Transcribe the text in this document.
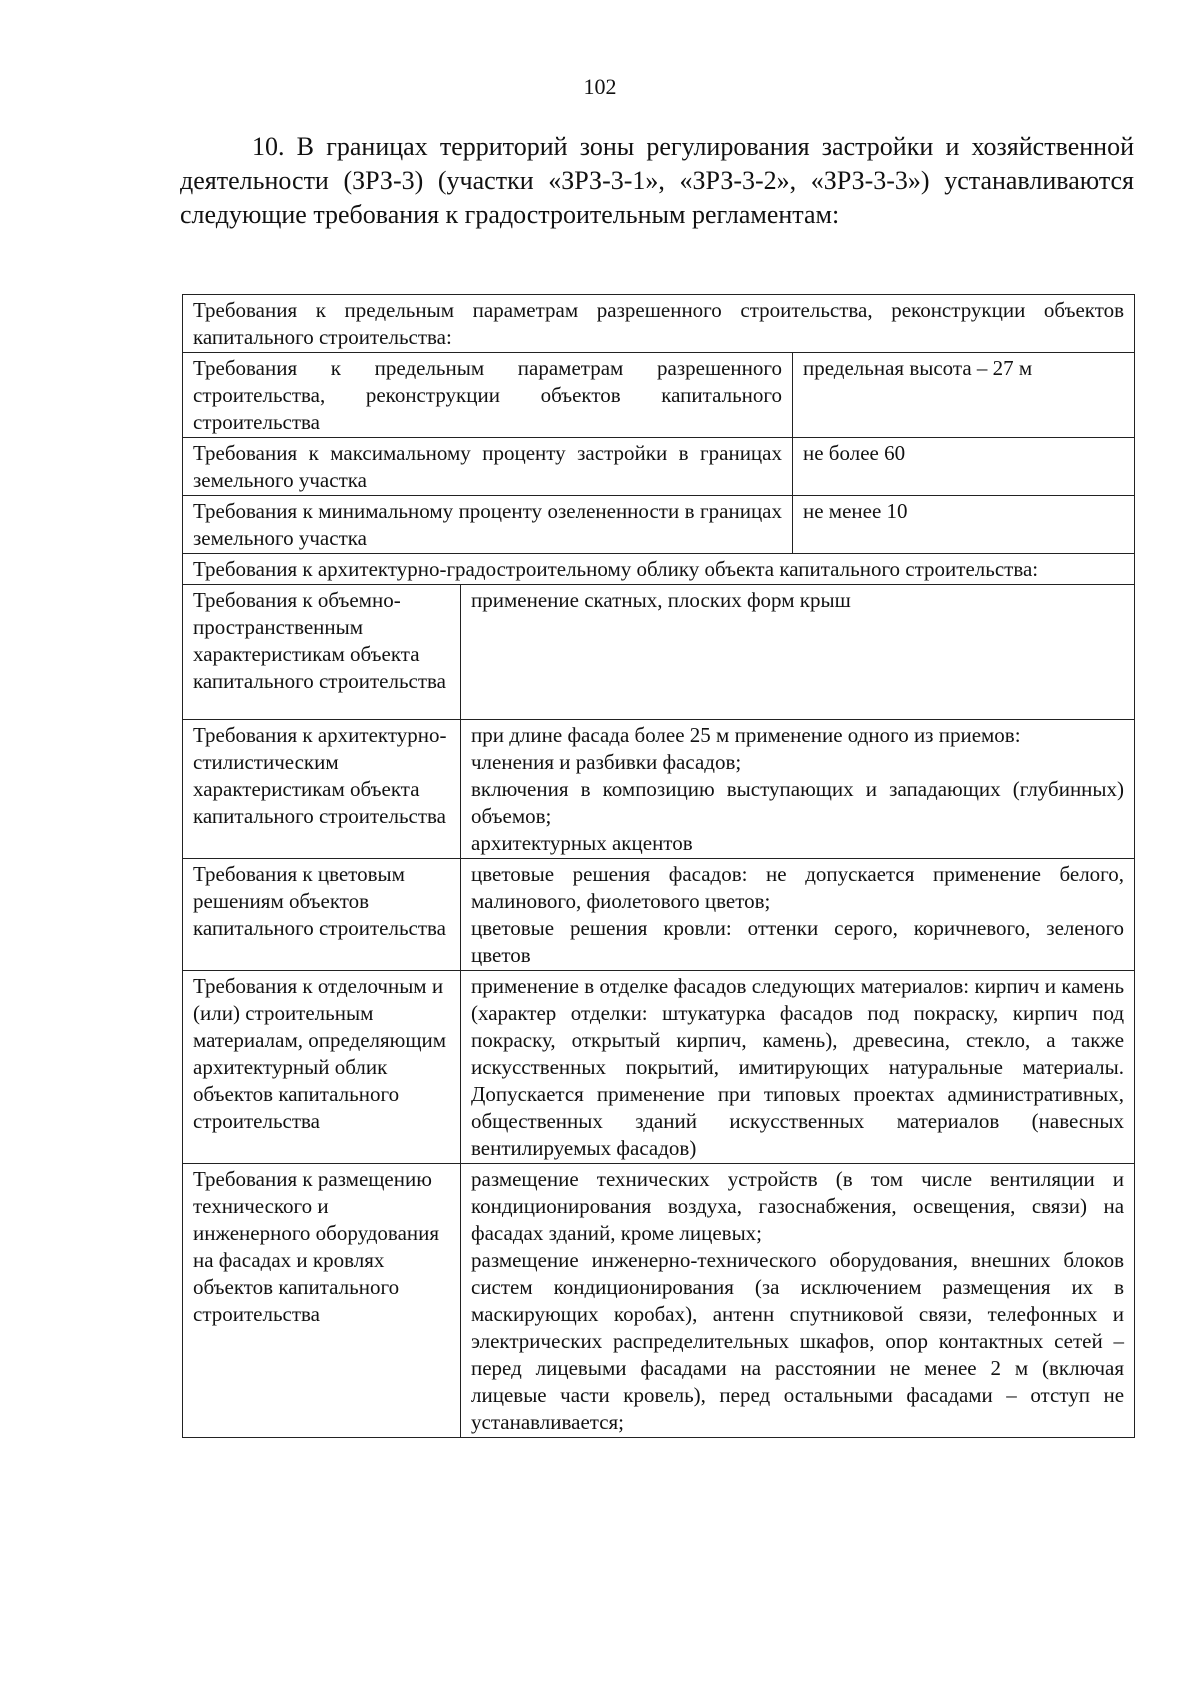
102
10. В границах территорий зоны регулирования застройки и хозяйственной деятельности (ЗРЗ-3) (участки «ЗРЗ-3-1», «ЗРЗ-3-2», «ЗРЗ-3-3») устанавливаются следующие требования к градостроительным регламентам:
Требования к предельным параметрам разрешенного строительства, реконструкции объектов капитального строительства:		
Требования к предельным параметрам разрешенного строительства, реконструкции объектов капитального строительства		предельная высота – 27 м
Требования к максимальному проценту застройки в границах земельного участка		не более 60
Требования к минимальному проценту озелененности в границах земельного участка		не менее 10
Требования к архитектурно-градостроительному облику объекта капитального строительства:		
Требования к объемно-пространственным характеристикам объекта капитального строительства	применение скатных, плоских форм крыш	

Требования к архитектурно-стилистическим характеристикам объекта капитального строительства	при длине фасада более 25 м применение одного из приемов:
членения и разбивки фасадов;
включения в композицию выступающих и западающих (глубинных) объемов;
архитектурных акцентов	

Требования к цветовым решениям объектов капитального строительства	цветовые решения фасадов: не допускается применение белого, малинового, фиолетового цветов;
цветовые решения кровли: оттенки серого, коричневого, зеленого цветов	

Требования к отделочным и (или) строительным материалам, определяющим архитектурный облик объектов капитального строительства	применение в отделке фасадов следующих материалов: кирпич и камень (характер отделки: штукатурка фасадов под покраску, кирпич под покраску, открытый кирпич, камень), древесина, стекло, а также искусственных покрытий, имитирующих натуральные материалы. Допускается применение при типовых проектах административных, общественных зданий искусственных материалов (навесных вентилируемых фасадов)	

Требования к размещению технического и инженерного оборудования на фасадах и кровлях объектов капитального строительства	размещение технических устройств (в том числе вентиляции и кондиционирования воздуха, газоснабжения, освещения, связи) на фасадах зданий, кроме лицевых;
размещение инженерно-технического оборудования, внешних блоков систем кондиционирования (за исключением размещения их в маскирующих коробах), антенн спутниковой связи, телефонных и электрических распределительных шкафов, опор контактных сетей – перед лицевыми фасадами на расстоянии не менее 2 м (включая лицевые части кровель), перед остальными фасадами – отступ не устанавливается;	
